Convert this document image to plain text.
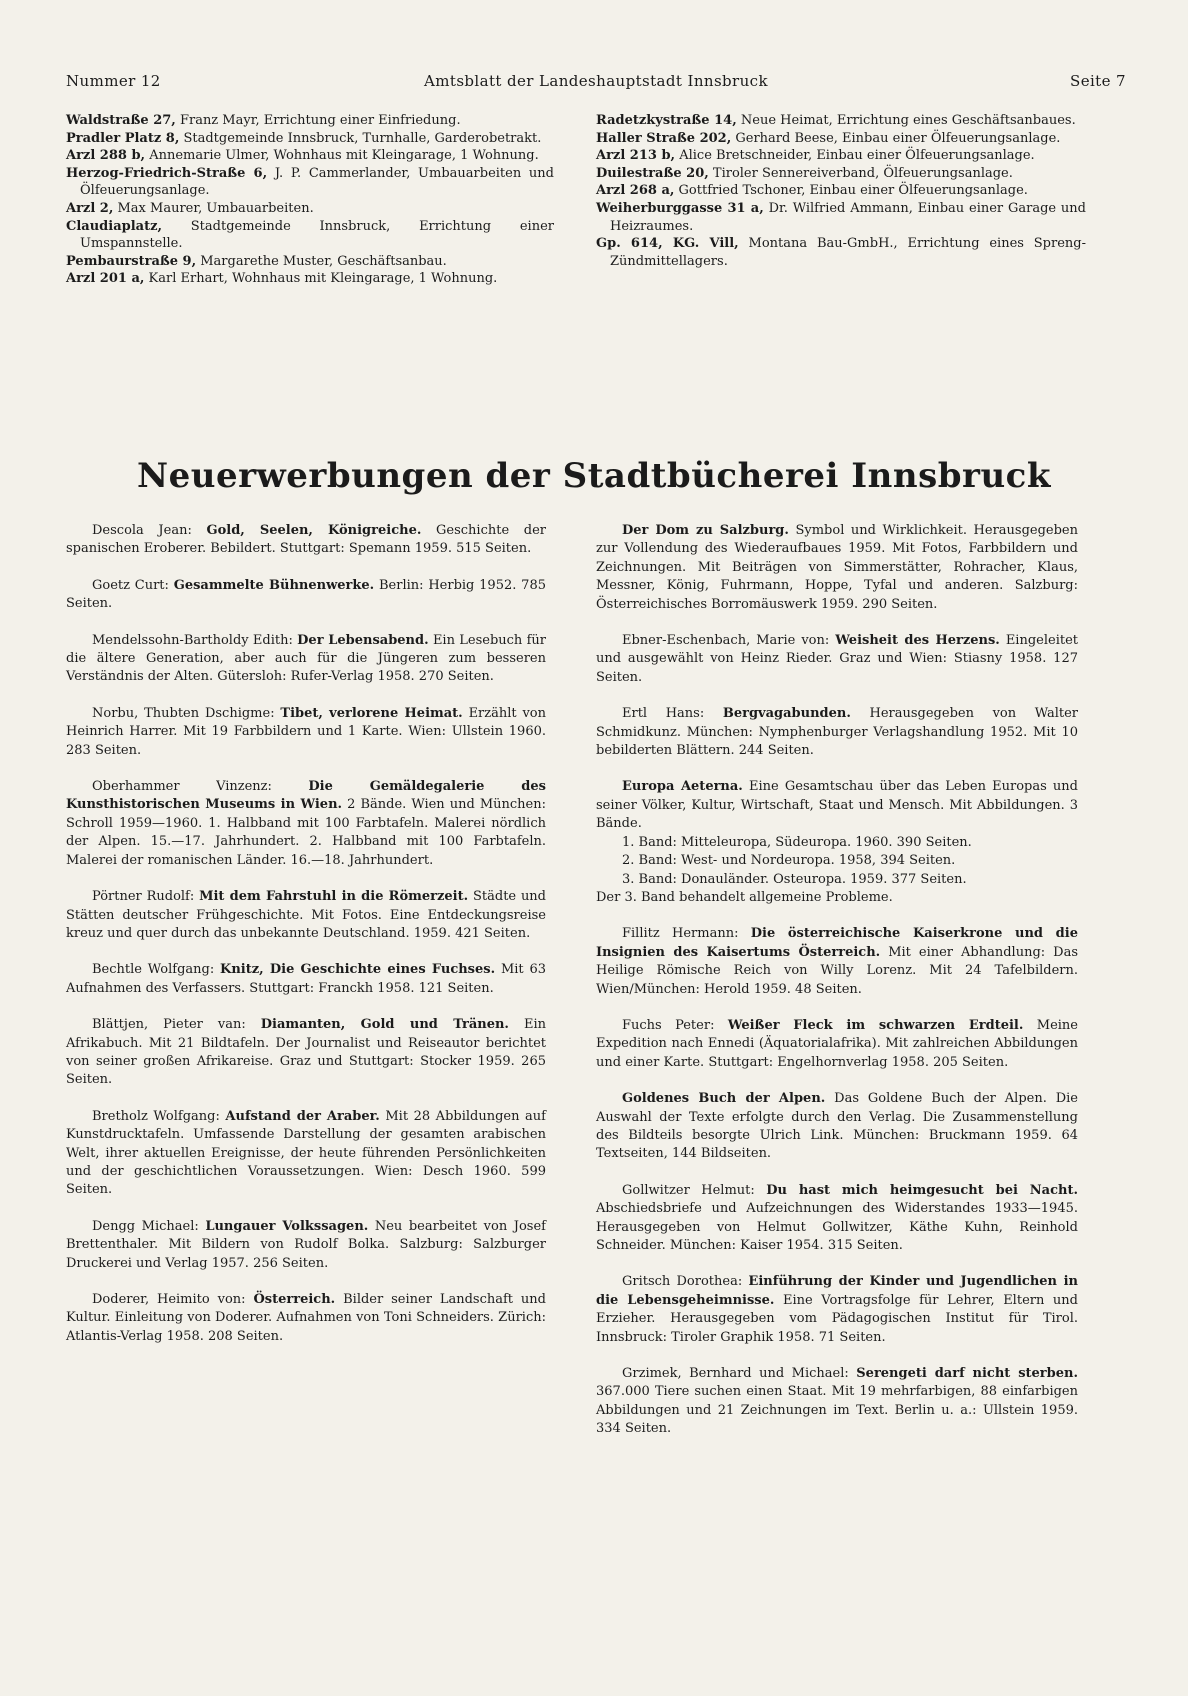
Nummer 12	Amtsblatt der Landeshauptstadt Innsbruck	Seite 7
Waldstraße 27, Franz Mayr, Errichtung einer Einfriedung.
Pradler Platz 8, Stadtgemeinde Innsbruck, Turnhalle, Garderobetrakt.
Arzl 288 b, Annemarie Ulmer, Wohnhaus mit Kleingarage, 1 Wohnung.
Herzog-Friedrich-Straße 6, J. P. Cammerlander, Umbauarbeiten und Ölfeuerungsanlage.
Arzl 2, Max Maurer, Umbauarbeiten.
Claudiaplatz, Stadtgemeinde Innsbruck, Errichtung einer Umspannstelle.
Pembaurstraße 9, Margarethe Muster, Geschäftsanbau.
Arzl 201 a, Karl Erhart, Wohnhaus mit Kleingarage, 1 Wohnung.
Radetzkystraße 14, Neue Heimat, Errichtung eines Geschäftsanbaues.
Haller Straße 202, Gerhard Beese, Einbau einer Ölfeuerungsanlage.
Arzl 213 b, Alice Bretschneider, Einbau einer Ölfeuerungsanlage.
Duilestraße 20, Tiroler Sennereiverband, Ölfeuerungsanlage.
Arzl 268 a, Gottfried Tschoner, Einbau einer Ölfeuerungsanlage.
Weiherburggasse 31 a, Dr. Wilfried Ammann, Einbau einer Garage und Heizraumes.
Gp. 614, KG. Vill, Montana Bau-GmbH., Errichtung eines Spreng-Zündmittellagers.
Neuerwerbungen der Stadtbücherei Innsbruck
Descola Jean: Gold, Seelen, Königreiche. Geschichte der spanischen Eroberer. Bebildert. Stuttgart: Spemann 1959. 515 Seiten.
Goetz Curt: Gesammelte Bühnenwerke. Berlin: Herbig 1952. 785 Seiten.
Mendelssohn-Bartholdy Edith: Der Lebensabend. Ein Lesebuch für die ältere Generation, aber auch für die Jüngeren zum besseren Verständnis der Alten. Gütersloh: Rufer-Verlag 1958. 270 Seiten.
Norbu, Thubten Dschigme: Tibet, verlorene Heimat. Erzählt von Heinrich Harrer. Mit 19 Farbbildern und 1 Karte. Wien: Ullstein 1960. 283 Seiten.
Oberhammer Vinzenz:	Die Gemäldegalerie des Kunsthistorischen Museums in Wien. 2 Bände. Wien und München: Schroll 1959—1960. 1. Halbband mit 100 Farbtafeln. Malerei nördlich der Alpen. 15.—17. Jahrhundert. 2. Halbband mit 100 Farbtafeln. Malerei der romanischen Länder. 16.—18. Jahrhundert.
Pörtner Rudolf: Mit dem Fahrstuhl in die Römerzeit. Städte und Stätten deutscher Frühgeschichte. Mit Fotos. Eine Entdeckungsreise kreuz und quer durch das unbekannte Deutschland. 1959. 421 Seiten.
Bechtle Wolfgang: Knitz, Die Geschichte eines Fuchses. Mit 63 Aufnahmen des Verfassers. Stuttgart: Franckh 1958. 121 Seiten.
Blättjen, Pieter van: Diamanten, Gold und Tränen. Ein Afrikabuch. Mit 21 Bildtafeln. Der Journalist und Reiseautor berichtet von seiner großen Afrikareise. Graz und Stuttgart: Stocker 1959. 265 Seiten.
Bretholz Wolfgang: Aufstand der Araber. Mit 28 Abbildungen auf Kunstdrucktafeln. Umfassende Darstellung der gesamten arabischen Welt, ihrer aktuellen Ereignisse, der heute führenden Persönlichkeiten und der geschichtlichen Voraussetzungen. Wien: Desch 1960. 599 Seiten.
Dengg Michael: Lungauer Volkssagen. Neu bearbeitet von Josef Brettenthaler. Mit Bildern von Rudolf Bolka. Salzburg: Salzburger Druckerei und Verlag 1957. 256 Seiten.
Doderer, Heimito von: Österreich. Bilder seiner Landschaft und Kultur. Einleitung von Doderer. Aufnahmen von Toni Schneiders. Zürich: Atlantis-Verlag 1958. 208 Seiten.
Der Dom zu Salzburg. Symbol und Wirklichkeit. Herausgegeben zur Vollendung des Wiederaufbaues 1959. Mit Fotos, Farbbildern und Zeichnungen. Mit Beiträgen von Simmerstätter, Rohracher, Klaus, Messner, König, Fuhrmann, Hoppe, Tyfal und anderen. Salzburg: Österreichisches Borromäuswerk 1959. 290 Seiten.
Ebner-Eschenbach, Marie von: Weisheit des Herzens. Eingeleitet und ausgewählt von Heinz Rieder. Graz und Wien: Stiasny 1958. 127 Seiten.
Ertl Hans: Bergvagabunden. Herausgegeben von Walter Schmidkunz. München: Nymphenburger Verlagshandlung 1952. Mit 10 bebilderten Blättern. 244 Seiten.
Europa Aeterna. Eine Gesamtschau über das Leben Europas und seiner Völker, Kultur, Wirtschaft, Staat und Mensch. Mit Abbildungen. 3 Bände.
1. Band: Mitteleuropa, Südeuropa. 1960. 390 Seiten.
2. Band: West- und Nordeuropa. 1958, 394 Seiten.
3. Band: Donauländer. Osteuropa. 1959. 377 Seiten.
Der 3. Band behandelt allgemeine Probleme.
Fillitz Hermann: Die österreichische Kaiserkrone und die Insignien des Kaisertums Österreich. Mit einer Abhandlung: Das Heilige Römische Reich von Willy Lorenz. Mit 24 Tafelbildern. Wien/München: Herold 1959. 48 Seiten.
Fuchs Peter: Weißer Fleck im schwarzen Erdteil. Meine Expedition nach Ennedi (Äquatorialafrika). Mit zahlreichen Abbildungen und einer Karte. Stuttgart: Engelhornverlag 1958. 205 Seiten.
Goldenes Buch der Alpen. Das Goldene Buch der Alpen. Die Auswahl der Texte erfolgte durch den Verlag. Die Zusammenstellung des Bildteils besorgte Ulrich Link. München: Bruckmann 1959. 64 Textseiten, 144 Bildseiten.
Gollwitzer Helmut: Du hast mich heimgesucht bei Nacht. Abschiedsbriefe und Aufzeichnungen des Widerstandes 1933—1945. Herausgegeben von Helmut Gollwitzer, Käthe Kuhn, Reinhold Schneider. München: Kaiser 1954. 315 Seiten.
Gritsch Dorothea: Einführung der Kinder und Jugendlichen in die Lebensgeheimnisse. Eine Vortragsfolge für Lehrer, Eltern und Erzieher. Herausgegeben vom Pädagogischen Institut für Tirol. Innsbruck: Tiroler Graphik 1958. 71 Seiten.
Grzimek, Bernhard und Michael: Serengeti darf nicht sterben. 367.000 Tiere suchen einen Staat. Mit 19 mehrfarbigen, 88 einfarbigen Abbildungen und 21 Zeichnungen im Text. Berlin u. a.: Ullstein 1959. 334 Seiten.
